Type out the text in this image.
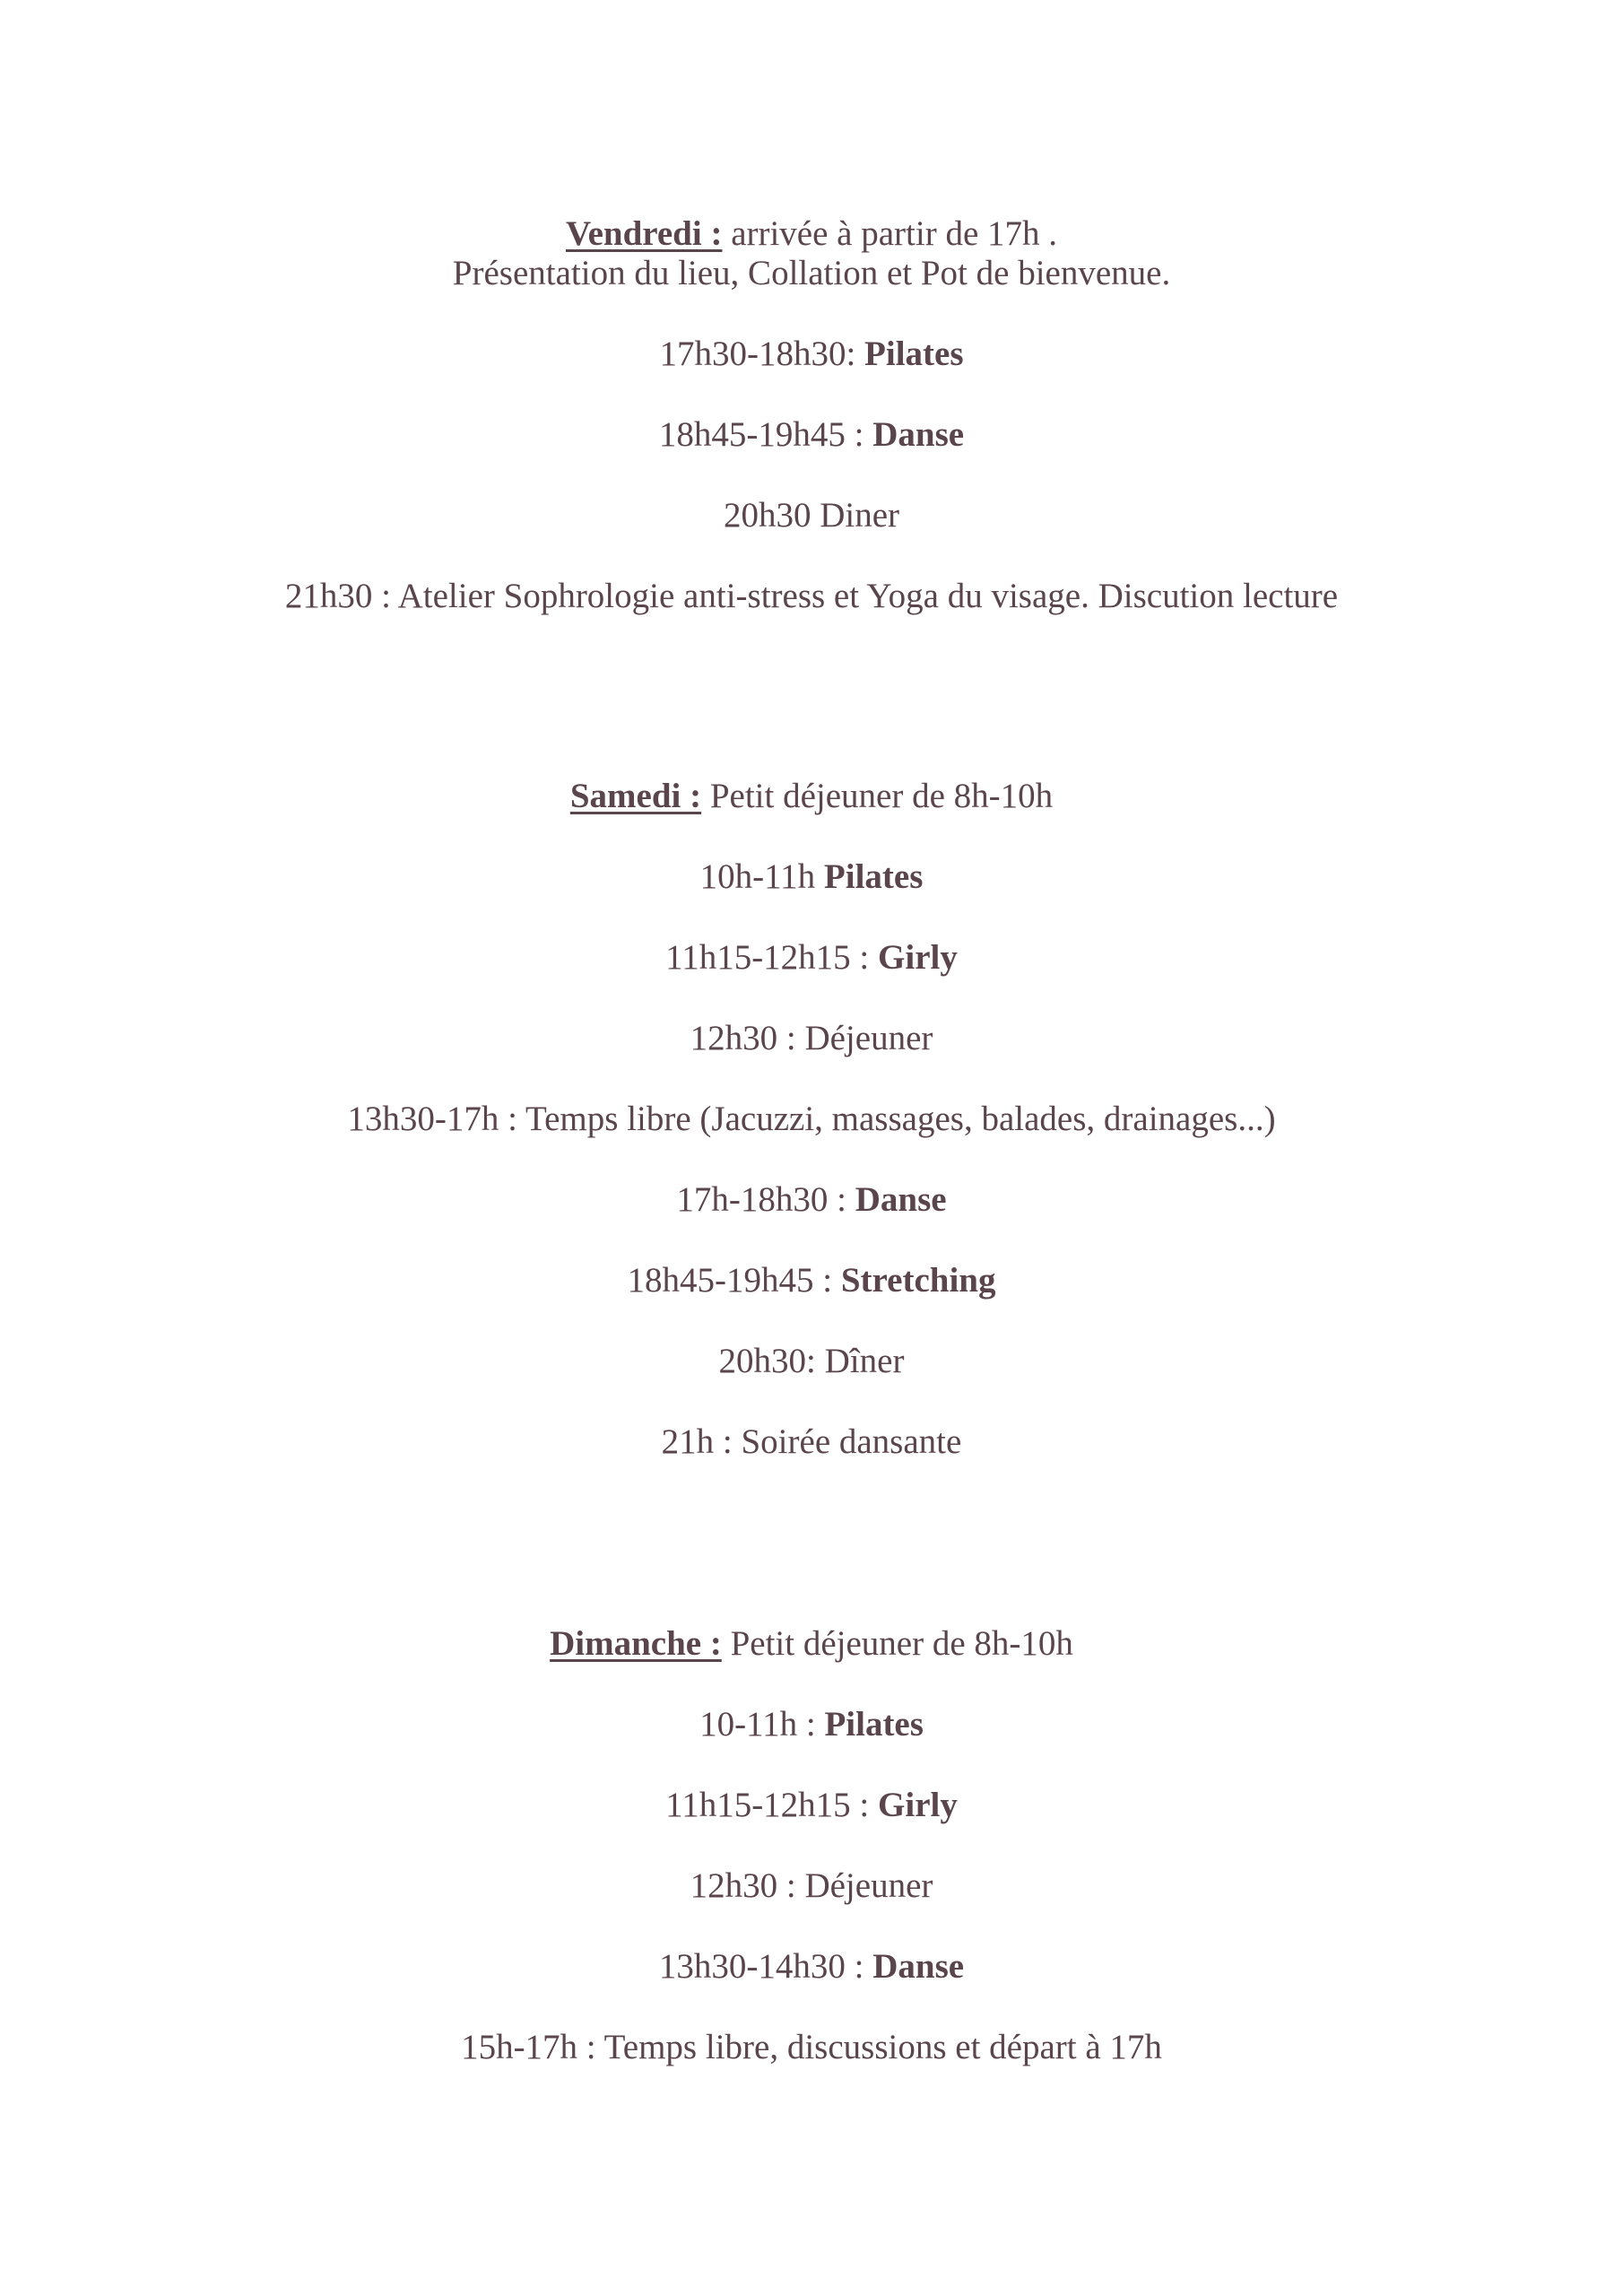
Vendredi : arrivée à partir de 17h .
Présentation du lieu, Collation et Pot de bienvenue.
17h30-18h30: Pilates
18h45-19h45 : Danse
20h30 Diner
21h30 : Atelier Sophrologie anti-stress et Yoga du visage. Discution lecture
Samedi : Petit déjeuner de 8h-10h
10h-11h Pilates
11h15-12h15 : Girly
12h30 : Déjeuner
13h30-17h : Temps libre (Jacuzzi, massages, balades, drainages...)
17h-18h30 : Danse
18h45-19h45 : Stretching
20h30: Dîner
21h : Soirée dansante
Dimanche : Petit déjeuner de 8h-10h
10-11h : Pilates
11h15-12h15 : Girly
12h30 : Déjeuner
13h30-14h30 : Danse
15h-17h : Temps libre, discussions et départ à 17h
